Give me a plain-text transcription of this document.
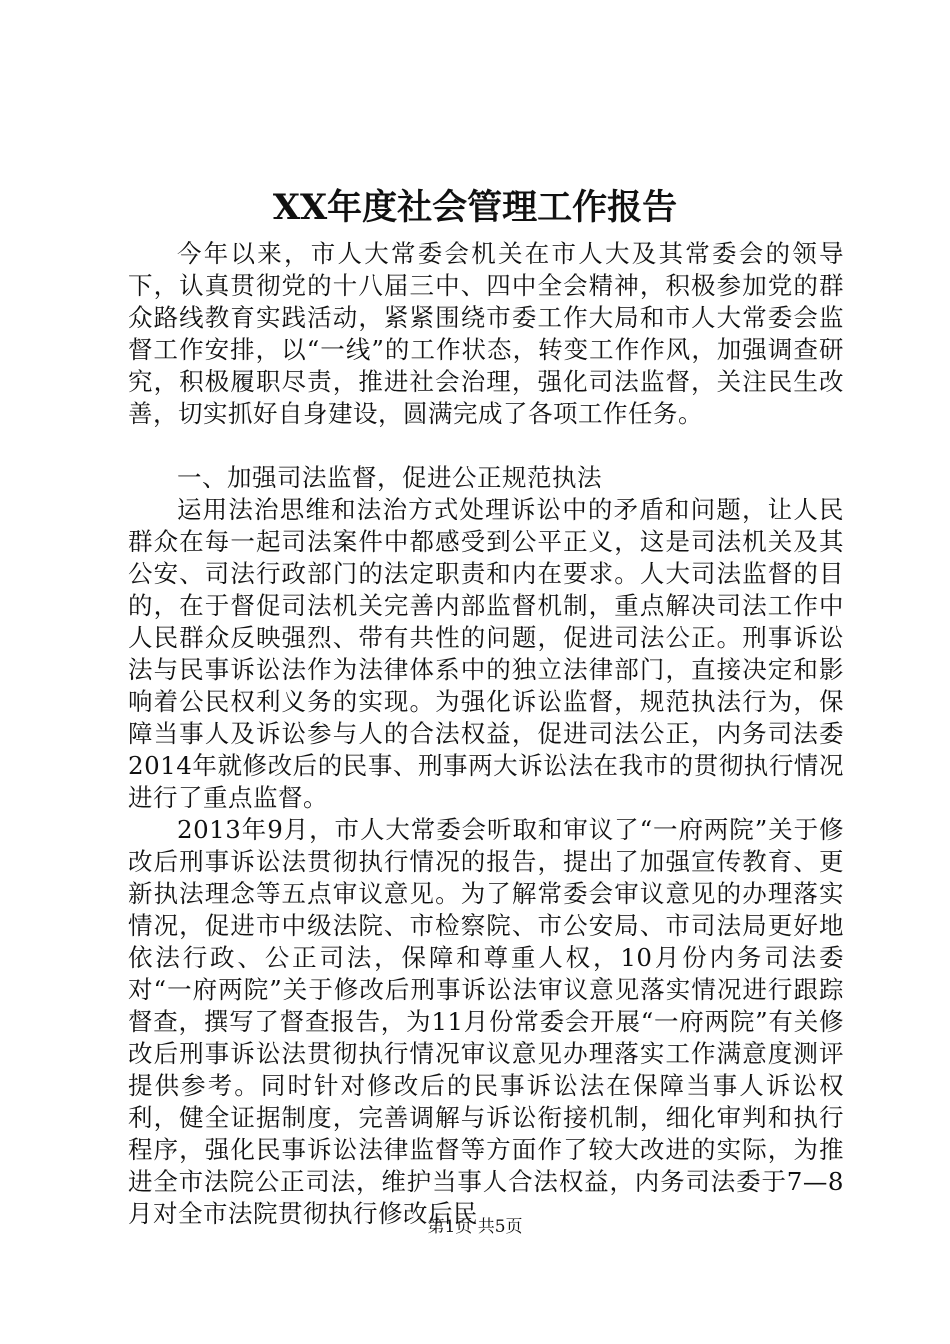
XX年度社会管理工作报告

今年以来，市人大常委会机关在市人大及其常委会的领导下，认真贯彻党的十八届三中、四中全会精神，积极参加党的群众路线教育实践活动，紧紧围绕市委工作大局和市人大常委会监督工作安排，以“一线”的工作状态，转变工作作风，加强调查研究，积极履职尽责，推进社会治理，强化司法监督，关注民生改善，切实抓好自身建设，圆满完成了各项工作任务。

一、加强司法监督，促进公正规范执法

运用法治思维和法治方式处理诉讼中的矛盾和问题，让人民群众在每一起司法案件中都感受到公平正义，这是司法机关及其公安、司法行政部门的法定职责和内在要求。人大司法监督的目的，在于督促司法机关完善内部监督机制，重点解决司法工作中人民群众反映强烈、带有共性的问题，促进司法公正。刑事诉讼法与民事诉讼法作为法律体系中的独立法律部门，直接决定和影响着公民权利义务的实现。为强化诉讼监督，规范执法行为，保障当事人及诉讼参与人的合法权益，促进司法公正，内务司法委2014年就修改后的民事、刑事两大诉讼法在我市的贯彻执行情况进行了重点监督。

2013年9月，市人大常委会听取和审议了“一府两院”关于修改后刑事诉讼法贯彻执行情况的报告，提出了加强宣传教育、更新执法理念等五点审议意见。为了解常委会审议意见的办理落实情况，促进市中级法院、市检察院、市公安局、市司法局更好地依法行政、公正司法，保障和尊重人权，10月份内务司法委对“一府两院”关于修改后刑事诉讼法审议意见落实情况进行跟踪督查，撰写了督查报告，为11月份常委会开展“一府两院”有关修改后刑事诉讼法贯彻执行情况审议意见办理落实工作满意度测评提供参考。同时针对修改后的民事诉讼法在保障当事人诉讼权利，健全证据制度，完善调解与诉讼衔接机制，细化审判和执行程序，强化民事诉讼法律监督等方面作了较大改进的实际，为推进全市法院公正司法，维护当事人合法权益，内务司法委于7—8月对全市法院贯彻执行修改后民

第1页 共5页
